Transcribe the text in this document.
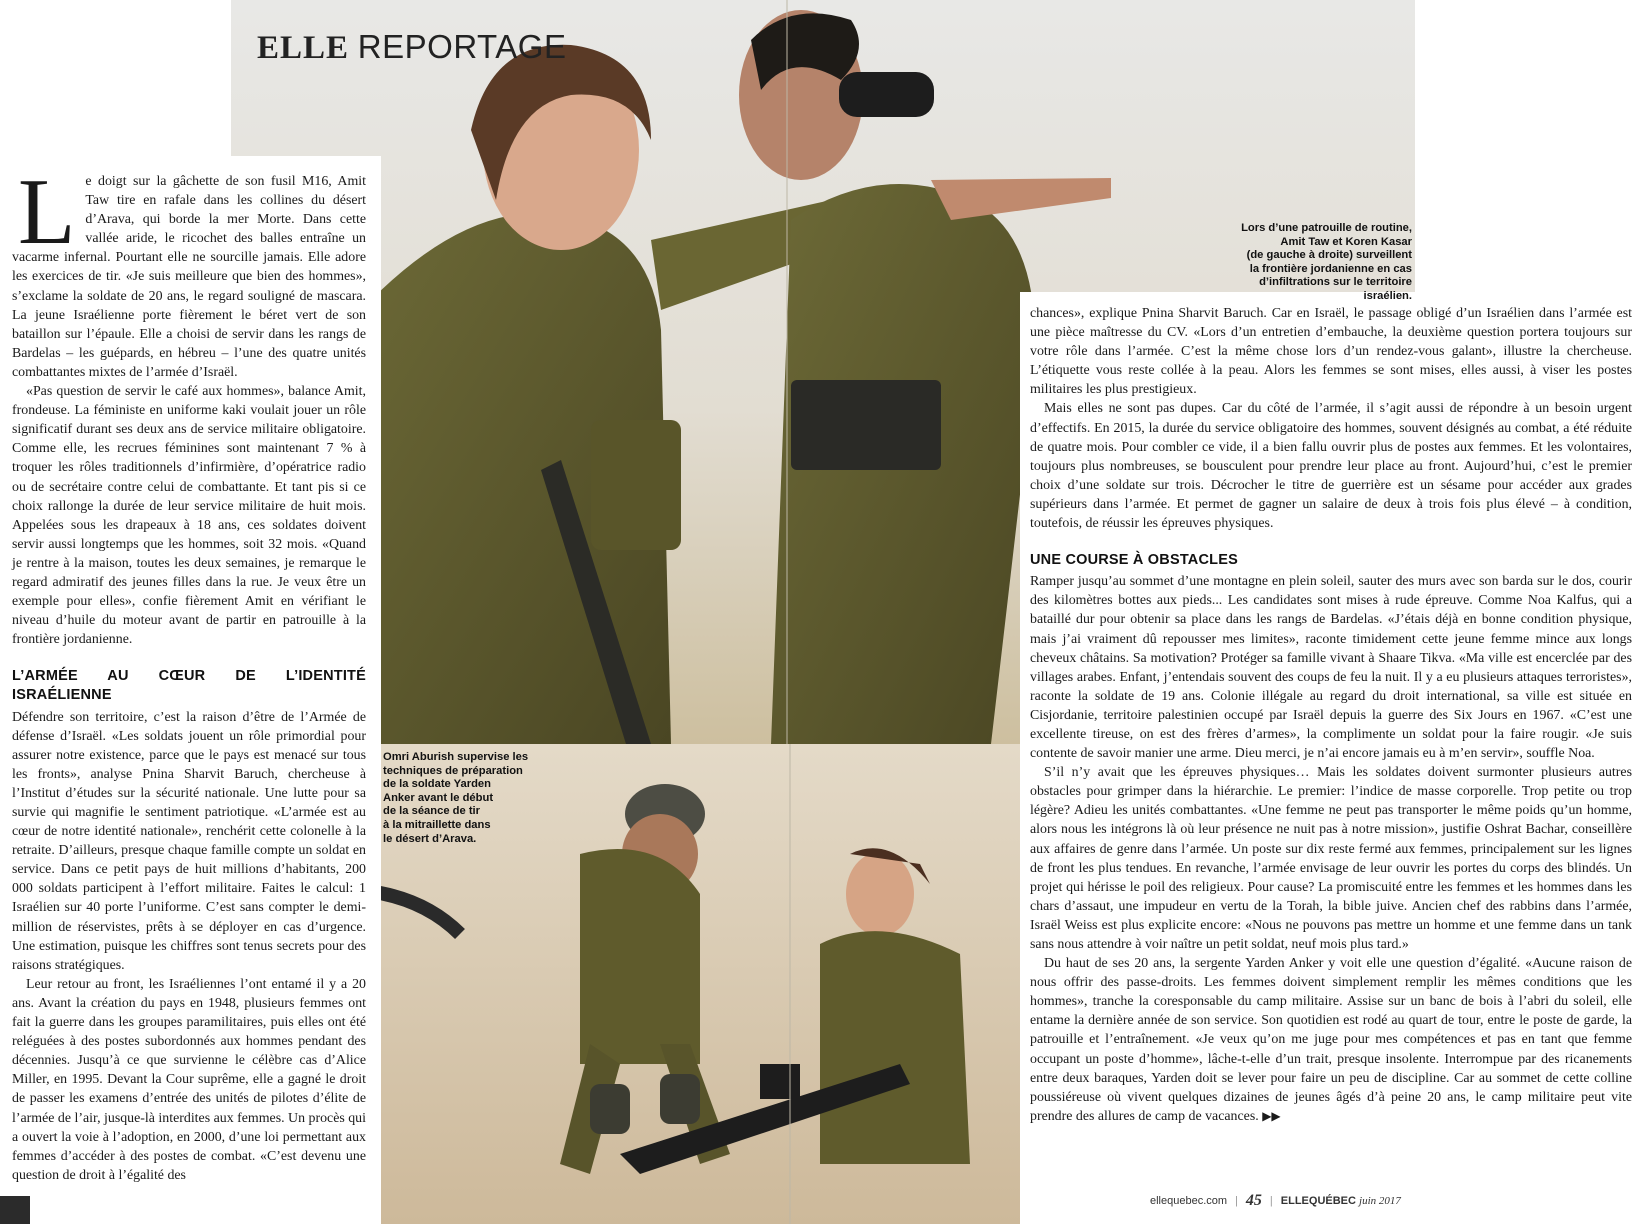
ELLE REPORTAGE

Le doigt sur la gâchette de son fusil M16, Amit Taw tire en rafale dans les collines du désert d’Arava, qui borde la mer Morte. Dans cette vallée aride, le ricochet des balles entraîne un vacarme infernal. Pourtant elle ne sourcille jamais. Elle adore les exercices de tir. «Je suis meilleure que bien des hommes», s’exclame la soldate de 20 ans, le regard souligné de mascara. La jeune Israélienne porte fièrement le béret vert de son bataillon sur l’épaule. Elle a choisi de servir dans les rangs de Bardelas – les guépards, en hébreu – l’une des quatre unités combattantes mixtes de l’armée d’Israël.

«Pas question de servir le café aux hommes», balance Amit, frondeuse. La féministe en uniforme kaki voulait jouer un rôle significatif durant ses deux ans de service militaire obligatoire. Comme elle, les recrues féminines sont maintenant 7 % à troquer les rôles traditionnels d’infirmière, d’opératrice radio ou de secrétaire contre celui de combattante. Et tant pis si ce choix rallonge la durée de leur service militaire de huit mois. Appelées sous les drapeaux à 18 ans, ces soldates doivent servir aussi longtemps que les hommes, soit 32 mois. «Quand je rentre à la maison, toutes les deux semaines, je remarque le regard admiratif des jeunes filles dans la rue. Je veux être un exemple pour elles», confie fièrement Amit en vérifiant le niveau d’huile du moteur avant de partir en patrouille à la frontière jordanienne.

L’ARMÉE AU CŒUR DE L’IDENTITÉ ISRAÉLIENNE

Défendre son territoire, c’est la raison d’être de l’Armée de défense d’Israël. «Les soldats jouent un rôle primordial pour assurer notre existence, parce que le pays est menacé sur tous les fronts», analyse Pnina Sharvit Baruch, chercheuse à l’Institut d’études sur la sécurité nationale. Une lutte pour sa survie qui magnifie le sentiment patriotique. «L’armée est au cœur de notre identité nationale», renchérit cette colonelle à la retraite. D’ailleurs, presque chaque famille compte un soldat en service. Dans ce petit pays de huit millions d’habitants, 200 000 soldats participent à l’effort militaire. Faites le calcul: 1 Israélien sur 40 porte l’uniforme. C’est sans compter le demi-million de réservistes, prêts à se déployer en cas d’urgence. Une estimation, puisque les chiffres sont tenus secrets pour des raisons stratégiques.

Leur retour au front, les Israéliennes l’ont entamé il y a 20 ans. Avant la création du pays en 1948, plusieurs femmes ont fait la guerre dans les groupes paramilitaires, puis elles ont été reléguées à des postes subordonnés aux hommes pendant des décennies. Jusqu’à ce que survienne le célèbre cas d’Alice Miller, en 1995. Devant la Cour suprême, elle a gagné le droit de passer les examens d’entrée des unités de pilotes d’élite de l’armée de l’air, jusque-là interdites aux femmes. Un procès qui a ouvert la voie à l’adoption, en 2000, d’une loi permettant aux femmes d’accéder à des postes de combat. «C’est devenu une question de droit à l’égalité des

chances», explique Pnina Sharvit Baruch. Car en Israël, le passage obligé d’un Israélien dans l’armée est une pièce maîtresse du CV. «Lors d’un entretien d’embauche, la deuxième question portera toujours sur votre rôle dans l’armée. C’est la même chose lors d’un rendez-vous galant», illustre la chercheuse. L’étiquette vous reste collée à la peau. Alors les femmes se sont mises, elles aussi, à viser les postes militaires les plus prestigieux.

Mais elles ne sont pas dupes. Car du côté de l’armée, il s’agit aussi de répondre à un besoin urgent d’effectifs. En 2015, la durée du service obligatoire des hommes, souvent désignés au combat, a été réduite de quatre mois. Pour combler ce vide, il a bien fallu ouvrir plus de postes aux femmes. Et les volontaires, toujours plus nombreuses, se bousculent pour prendre leur place au front. Aujourd’hui, c’est le premier choix d’une soldate sur trois. Décrocher le titre de guerrière est un sésame pour accéder aux grades supérieurs dans l’armée. Et permet de gagner un salaire de deux à trois fois plus élevé – à condition, toutefois, de réussir les épreuves physiques.

UNE COURSE À OBSTACLES

Ramper jusqu’au sommet d’une montagne en plein soleil, sauter des murs avec son barda sur le dos, courir des kilomètres bottes aux pieds... Les candidates sont mises à rude épreuve. Comme Noa Kalfus, qui a bataillé dur pour obtenir sa place dans les rangs de Bardelas. «J’étais déjà en bonne condition physique, mais j’ai vraiment dû repousser mes limites», raconte timidement cette jeune femme mince aux longs cheveux châtains. Sa motivation? Protéger sa famille vivant à Shaare Tikva. «Ma ville est encerclée par des villages arabes. Enfant, j’entendais souvent des coups de feu la nuit. Il y a eu plusieurs attaques terroristes», raconte la soldate de 19 ans. Colonie illégale au regard du droit international, sa ville est située en Cisjordanie, territoire palestinien occupé par Israël depuis la guerre des Six Jours en 1967. «C’est une excellente tireuse, on est des frères d’armes», la complimente un soldat pour la faire rougir. «Je suis contente de savoir manier une arme. Dieu merci, je n’ai encore jamais eu à m’en servir», souffle Noa.

S’il n’y avait que les épreuves physiques… Mais les soldates doivent surmonter plusieurs autres obstacles pour grimper dans la hiérarchie. Le premier: l’indice de masse corporelle. Trop petite ou trop légère? Adieu les unités combattantes. «Une femme ne peut pas transporter le même poids qu’un homme, alors nous les intégrons là où leur présence ne nuit pas à notre mission», justifie Oshrat Bachar, conseillère aux affaires de genre dans l’armée. Un poste sur dix reste fermé aux femmes, principalement sur les lignes de front les plus tendues. En revanche, l’armée envisage de leur ouvrir les portes du corps des blindés. Un projet qui hérisse le poil des religieux. Pour cause? La promiscuité entre les femmes et les hommes dans les chars d’assaut, une impudeur en vertu de la Torah, la bible juive. Ancien chef des rabbins dans l’armée, Israël Weiss est plus explicite encore: «Nous ne pouvons pas mettre un homme et une femme dans un tank sans nous attendre à voir naître un petit soldat, neuf mois plus tard.»

Du haut de ses 20 ans, la sergente Yarden Anker y voit elle une question d’égalité. «Aucune raison de nous offrir des passe-droits. Les femmes doivent simplement remplir les mêmes conditions que les hommes», tranche la coresponsable du camp militaire. Assise sur un banc de bois à l’abri du soleil, elle entame la dernière année de son service. Son quotidien est rodé au quart de tour, entre le poste de garde, la patrouille et l’entraînement. «Je veux qu’on me juge pour mes compétences et pas en tant que femme occupant un poste d’homme», lâche-t-elle d’un trait, presque insolente. Interrompue par des ricanements entre deux baraques, Yarden doit se lever pour faire un peu de discipline. Car au sommet de cette colline poussiéreuse où vivent quelques dizaines de jeunes âgés d’à peine 20 ans, le camp militaire peut vite prendre des allures de camp de vacances. ▶▶

Lors d’une patrouille de routine,
Amit Taw et Koren Kasar
(de gauche à droite) surveillent
la frontière jordanienne en cas
d’infiltrations sur le territoire israélien.
Omri Aburish supervise les
techniques de préparation
de la soldate Yarden
Anker avant le début
de la séance de tir
à la mitraillette dans
le désert d’Arava.
ellequebec.com | 45 | ELLEQUÉBEC juin 2017
